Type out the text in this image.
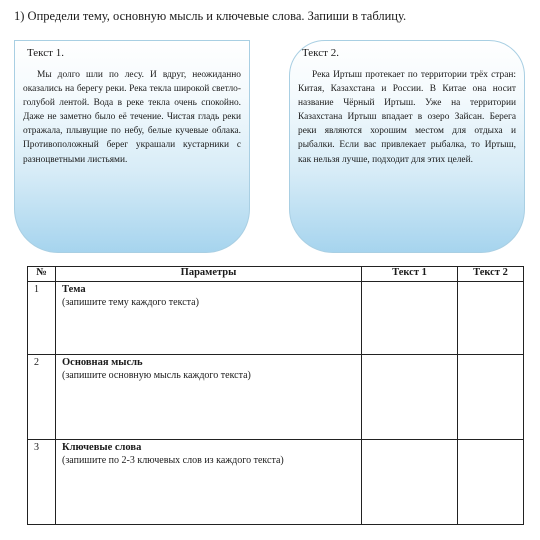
1) Определи тему, основную мысль и ключевые слова. Запиши в таблицу.
Текст 1.
Мы долго шли по лесу. И вдруг, неожиданно оказались на берегу реки. Река текла широкой светло-голубой лентой. Вода в реке текла очень спокойно. Даже не заметно было её течение. Чистая гладь реки отражала, плывущие по небу, белые кучевые облака. Противоположный берег украшали кустарники с разноцветными листьями.
Текст 2.
Река Иртыш протекает по территории трёх стран: Китая, Казахстана и России. В Китае она носит название Чёрный Иртыш. Уже на территории Казахстана Иртыш впадает в озеро Зайсан. Берега реки являются хорошим местом для отдыха и рыбалки. Если вас привлекает рыбалка, то Иртыш, как нельзя лучше, подходит для этих целей.
№	Параметры	Текст 1	Текст 2
1	Тема
(запишите тему каждого текста)		

2	Основная мысль
(запишите основную мысль каждого текста)		

3	Ключевые слова
(запишите по 2-3 ключевых слов из каждого текста)		
